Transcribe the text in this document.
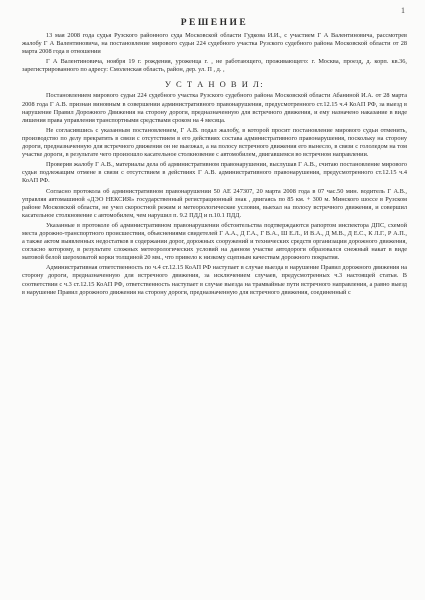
1
РЕШЕНИЕ

13 мая 2008 года судья Рузского районного суда Московской области Гудкова И.И., с участием Г А Валентиновича, рассмотрев жалобу Г А Валентиновича, на постановление мирового судьи 224 судебного участка Рузского судебного района Московской области от 28 марта 2008 года в отношении

Г А Валентиновича, ноября 19 г. рождения, уроженца г. , не работающего, проживающего: г. Москва, проезд, д. корп. кв.36, зарегистрированного по адресу: Смоленская область, район, дер. ул. П , д. ,

У С Т А Н О В И Л:

Постановлением мирового судьи 224 судебного участка Рузского судебного района Московской области Абаниной И.А. от 28 марта 2008 года Г А.В. признан виновным в совершении административного правонарушения, предусмотренного ст.12.15 ч.4 КоАП РФ, за выезд в нарушение Правил Дорожного Движения на сторону дороги, предназначенную для встречного движения, и ему назначено наказание в виде лишения права управления транспортными средствами сроком на 4 месяца.

Не согласившись с указанным постановлением, Г А.В. подал жалобу, в которой просит постановление мирового судьи отменить, производство по делу прекратить в связи с отсутствием в его действиях состава административного правонарушения, поскольку на сторону дороги, предназначенную для встречного движения он не выезжал, а на полосу встречного движения его вынесло, в связи с гололедом на том участке дороги, в результате чего произошло касательное столкновение с автомобилем, двигавшемся во встречном направлении.

Проверив жалобу Г А.В., материалы дела об административном правонарушении, выслушав Г А.В., считаю постановление мирового судьи подлежащим отмене в связи с отсутствием в действиях Г А.В. административного правонарушения, предусмотренного ст.12.15 ч.4 КоАП РФ.

Согласно протокола об административном правонарушении 50 АЕ 247307, 20 марта 2008 года в 07 час.50 мин. водитель Г А.В., управляя автомашиной «ДЭО НЕКСИЯ» государственный регистрационный знак , двигаясь по 85 км. + 300 м. Минского шоссе в Рузском районе Московской области, не учел скоростной режим и метеорологические условия, выехал на полосу встречного движения, и совершил касательное столкновение с автомобилем, чем нарушил п. 9.2 ПДД и п.10.1 ПДД.

Указанные в протоколе об административном правонарушении обстоятельства подтверждаются рапортом инспектора ДПС, схемой места дорожно-транспортного происшествия, объяснениями свидетелей Г А.А., Д Г.А., Г В.А., Ш Е.Л., И В.А., Д М.В., Д Е.С., К Л.Г., Р А.П., а также актом выявленных недостатков в содержании дорог, дорожных сооружений и технических средств организации дорожного движения, согласно которому, в результате сложных метеорологических условий на данном участке автодороги образовался снежный накат в виде матовой белой шероховатой корки толщиной 20 мм., что привело к низкому сцепным качествам дорожного покрытия.

Административная ответственность по ч.4 ст.12.15 КоАП РФ наступает в случае выезда в нарушение Правил дорожного движения на сторону дороги, предназначенную для встречного движения, за исключением случаев, предусмотренных ч.3 настоящей статьи. В соответствии с ч.3 ст.12.15 КоАП РФ, ответственность наступает в случае выезда на трамвайные пути встречного направления, а равно выезд в нарушение Правил дорожного движения на сторону дороги, предназначенную для встречного движения, соединенный с
